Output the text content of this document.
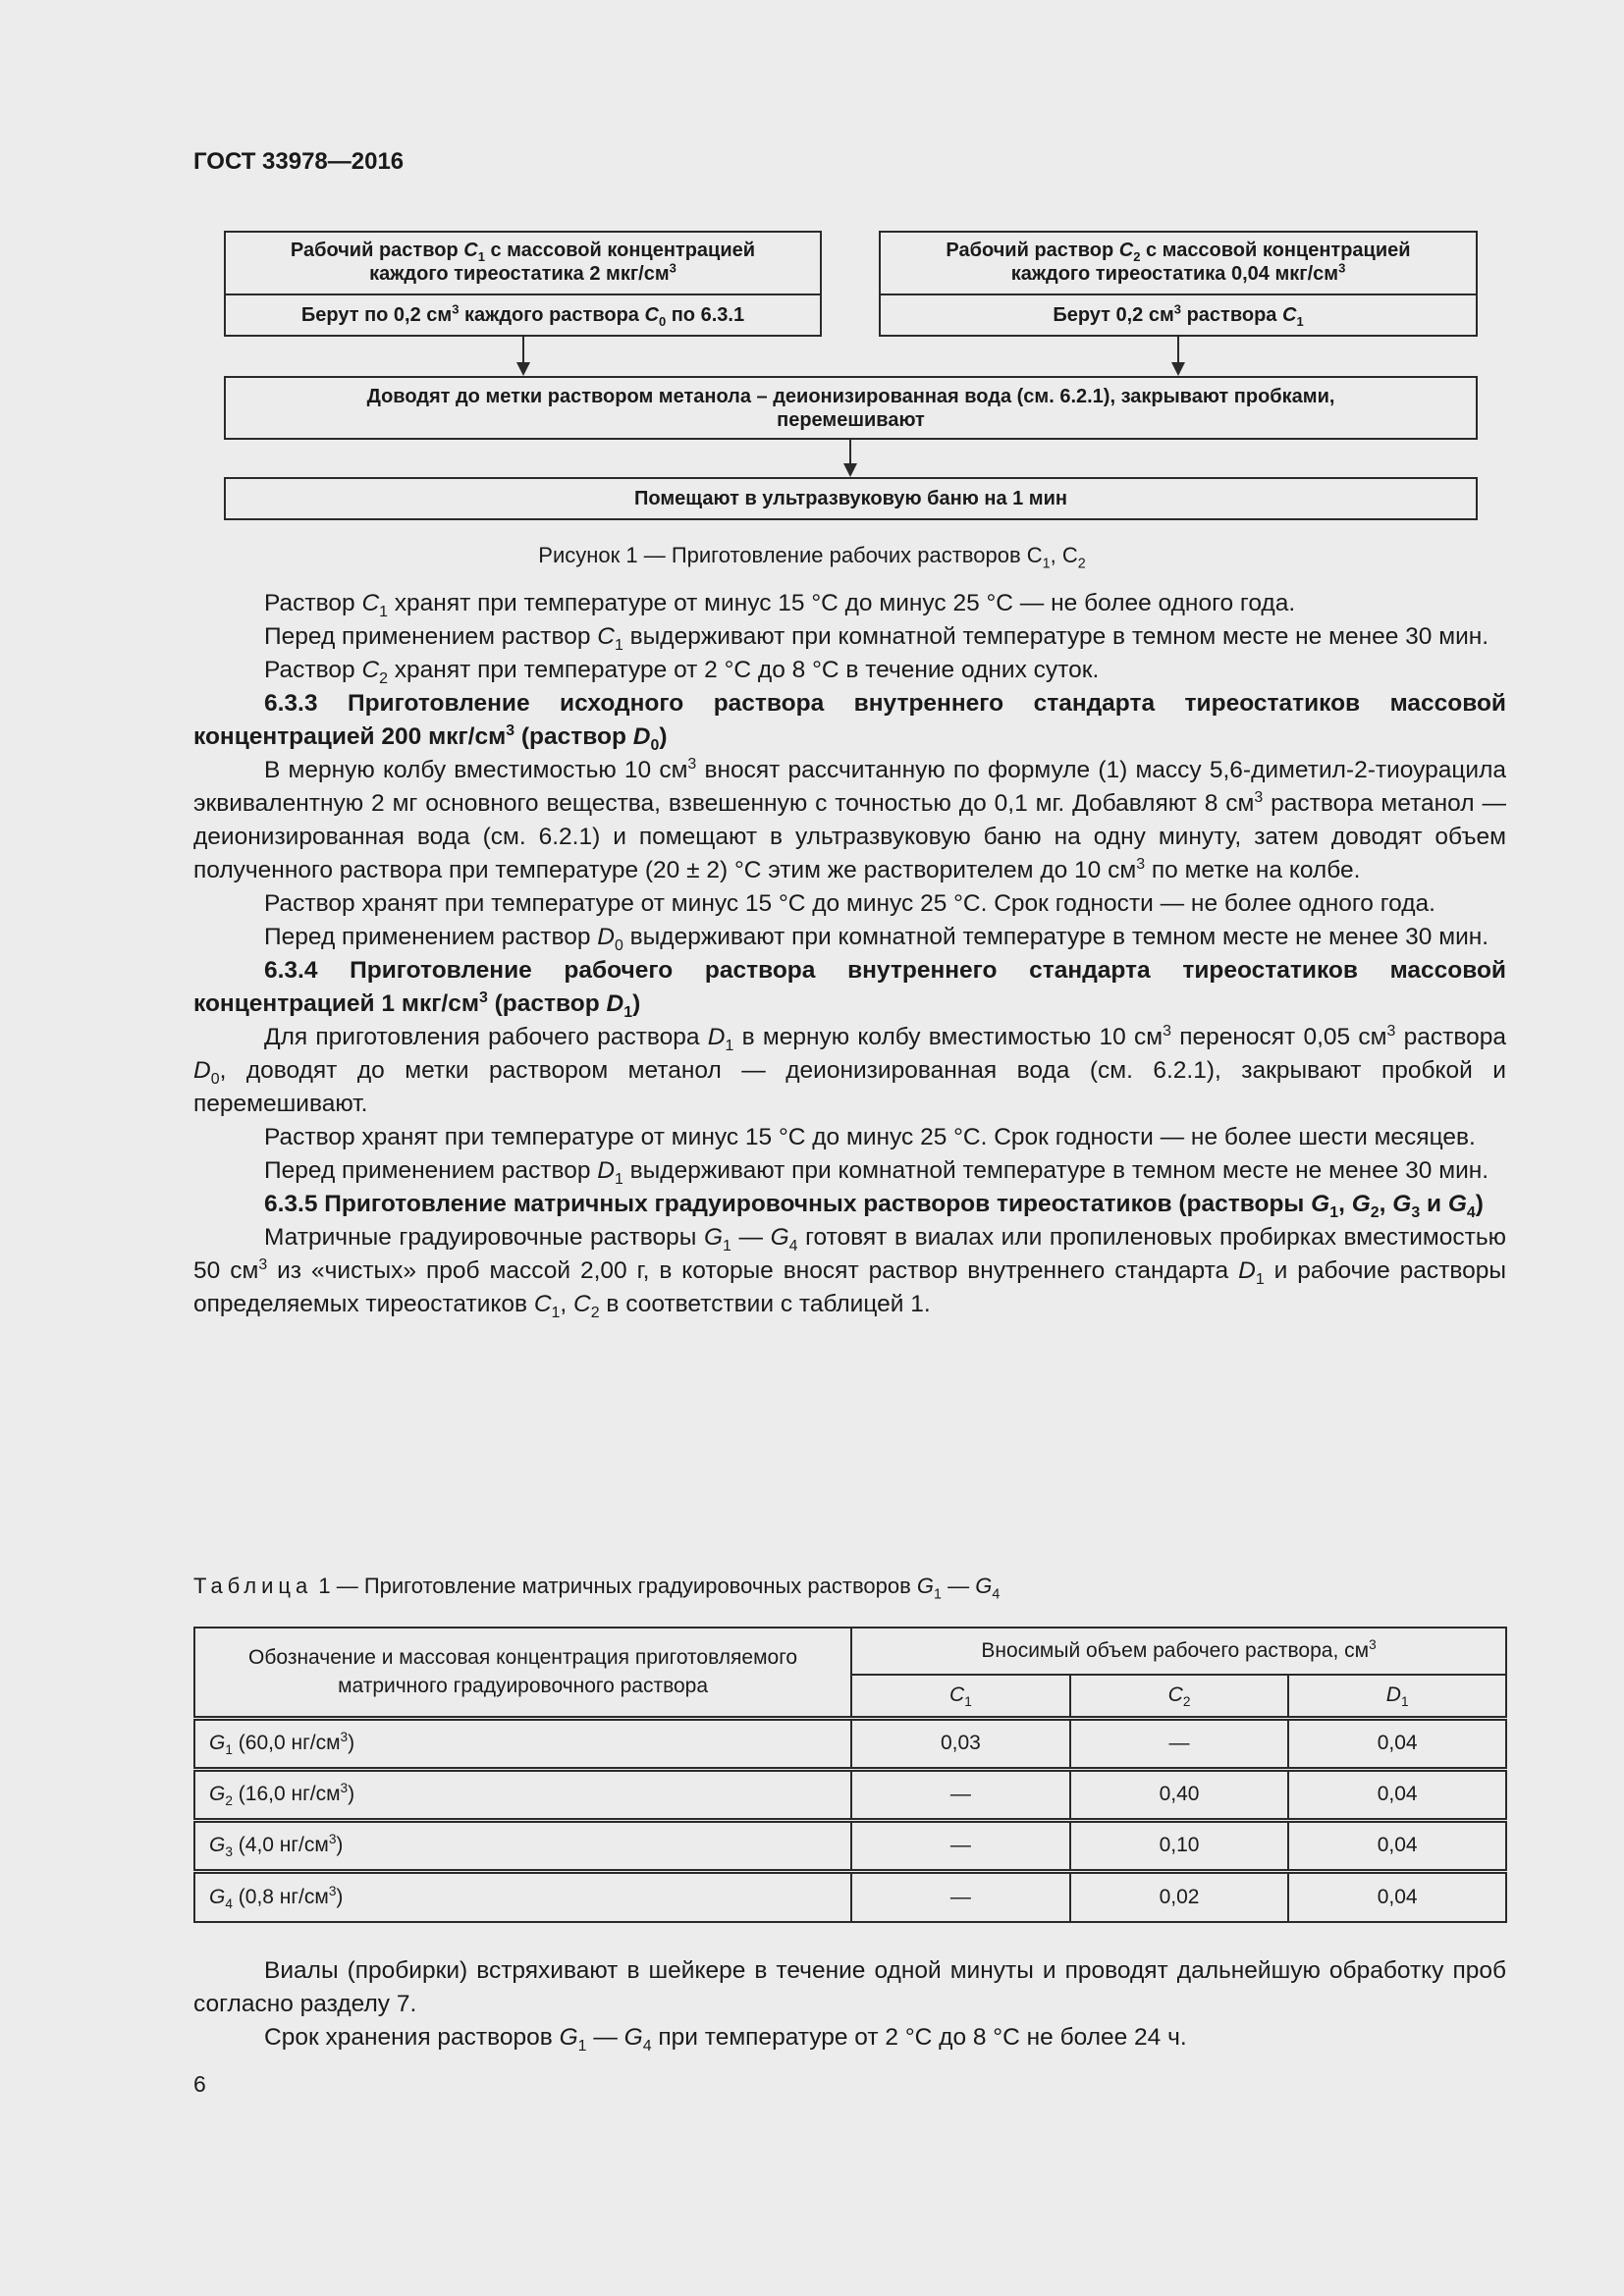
ГОСТ 33978—2016
Рабочий раствор $C_1$ с массовой концентрацией
каждого тиреостатика 2 мкг/$см^3$
Берут по 0,2 $см^3$ каждого раствора $C_0$ по 6.3.1
Рабочий раствор $C_2$ с массовой концентрацией
каждого тиреостатика 0,04 мкг/$см^3$
Берут 0,2 $см^3$ раствора $C_1$
Доводят до метки раствором метанола – деионизированная вода (см. 6.2.1), закрывают пробками,
перемешивают
Помещают в ультразвуковую баню на 1 мин
Рисунок 1 — Приготовление рабочих растворов $С_1$, $С_2$

Раствор $C_1$ хранят при температуре от минус 15 °С до минус 25 °С — не более одного года.

Перед применением раствор $C_1$ выдерживают при комнатной температуре в темном месте не менее 30 мин.

Раствор $C_2$ хранят при температуре от 2 °С до 8 °С в течение одних суток.

6.3.3 Приготовление исходного раствора внутреннего стандарта тиреостатиков массовой концентрацией 200 мкг/$см^3$ (раствор $D_0$)

В мерную колбу вместимостью 10 $см^3$ вносят рассчитанную по формуле (1) массу 5,6-диметил-2-тиоурацила эквивалентную 2 мг основного вещества, взвешенную с точностью до 0,1 мг. Добавляют 8 $см^3$ раствора метанол — деионизированная вода (см. 6.2.1) и помещают в ультразвуковую баню на одну минуту, затем доводят объем полученного раствора при температуре (20 ± 2) °С этим же растворителем до 10 $см^3$ по метке на колбе.

Раствор хранят при температуре от минус 15 °С до минус 25 °С. Срок годности — не более одного года.

Перед применением раствор $D_0$ выдерживают при комнатной температуре в темном месте не менее 30 мин.

6.3.4 Приготовление рабочего раствора внутреннего стандарта тиреостатиков массовой концентрацией 1 мкг/$см^3$ (раствор $D_1$)

Для приготовления рабочего раствора $D_1$ в мерную колбу вместимостью 10 $см^3$ переносят 0,05 $см^3$ раствора $D_0$, доводят до метки раствором метанол — деионизированная вода (см. 6.2.1), закрывают пробкой и перемешивают.

Раствор хранят при температуре от минус 15 °С до минус 25 °С. Срок годности — не более шести месяцев.

Перед применением раствор $D_1$ выдерживают при комнатной температуре в темном месте не менее 30 мин.

6.3.5 Приготовление матричных градуировочных растворов тиреостатиков (растворы $G_1$, $G_2$, $G_3$ и $G_4$)

Матричные градуировочные растворы $G_1$ — $G_4$ готовят в виалах или пропиленовых пробирках вместимостью 50 $см^3$ из «чистых» проб массой 2,00 г, в которые вносят раствор внутреннего стандарта $D_1$ и рабочие растворы определяемых тиреостатиков $C_1$, $C_2$ в соответствии с таблицей 1.

Таблица 1 — Приготовление матричных градуировочных растворов $G_1$ — $G_4$
Обозначение и массовая концентрация приготовляемого матричного градуировочного раствора	Вносимый объем рабочего раствора, $см^3$
	$C_1$	$C_2$	$D_1$
$G_1$ (60,0 $нг/см^3$)	0,03	—	0,04
$G_2$ (16,0 $нг/см^3$)	—	0,40	0,04
$G_3$ (4,0 $нг/см^3$)	—	0,10	0,04
$G_4$ (0,8 $нг/см^3$)	—	0,02	0,04

Виалы (пробирки) встряхивают в шейкере в течение одной минуты и проводят дальнейшую обработку проб согласно разделу 7.

Срок хранения растворов $G_1$ — $G_4$ при температуре от 2 °С до 8 °С не более 24 ч.

6
